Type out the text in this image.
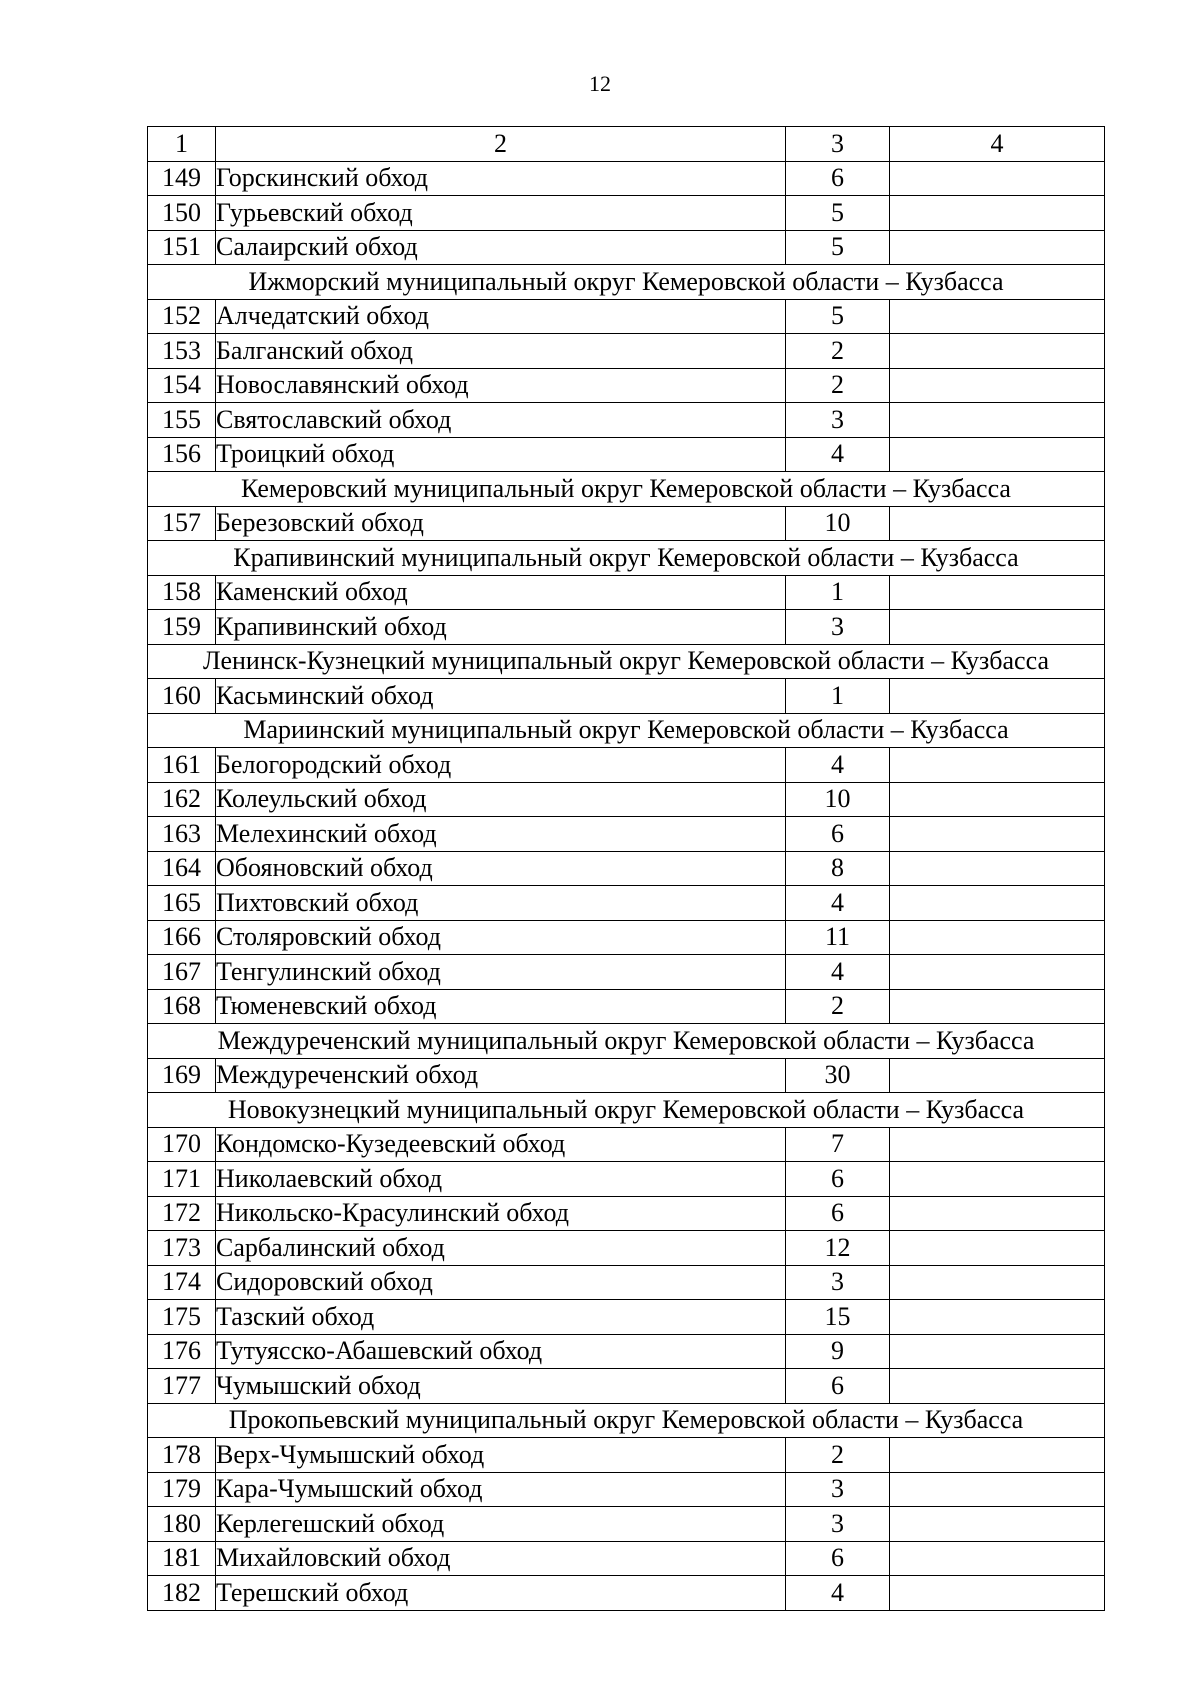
12
1	2	3	4
149	Горскинский обход	6	
150	Гурьевский обход	5	
151	Салаирский обход	5	
Ижморский муниципальный округ Кемеровской области – Кузбасса			
152	Алчедатский обход	5	
153	Балганский обход	2	
154	Новославянский обход	2	
155	Святославский обход	3	
156	Троицкий обход	4	
Кемеровский муниципальный округ Кемеровской области – Кузбасса			
157	Березовский обход	10	
Крапивинский муниципальный округ Кемеровской области – Кузбасса			
158	Каменский обход	1	
159	Крапивинский обход	3	
Ленинск-Кузнецкий муниципальный округ Кемеровской области – Кузбасса			
160	Касьминский обход	1	
Мариинский муниципальный округ Кемеровской области – Кузбасса			
161	Белогородский обход	4	
162	Колеульский обход	10	
163	Мелехинский обход	6	
164	Обояновский обход	8	
165	Пихтовский обход	4	
166	Столяровский обход	11	
167	Тенгулинский обход	4	
168	Тюменевский обход	2	
Междуреченский муниципальный округ Кемеровской области – Кузбасса			
169	Междуреченский обход	30	
Новокузнецкий муниципальный округ Кемеровской области – Кузбасса			
170	Кондомско-Кузедеевский обход	7	
171	Николаевский обход	6	
172	Никольско-Красулинский обход	6	
173	Сарбалинский обход	12	
174	Сидоровский обход	3	
175	Тазский обход	15	
176	Тутуясско-Абашевский обход	9	
177	Чумышский обход	6	
Прокопьевский муниципальный округ Кемеровской области – Кузбасса			
178	Верх-Чумышский обход	2	
179	Кара-Чумышский обход	3	
180	Керлегешский обход	3	
181	Михайловский обход	6	
182	Терешский обход	4	
